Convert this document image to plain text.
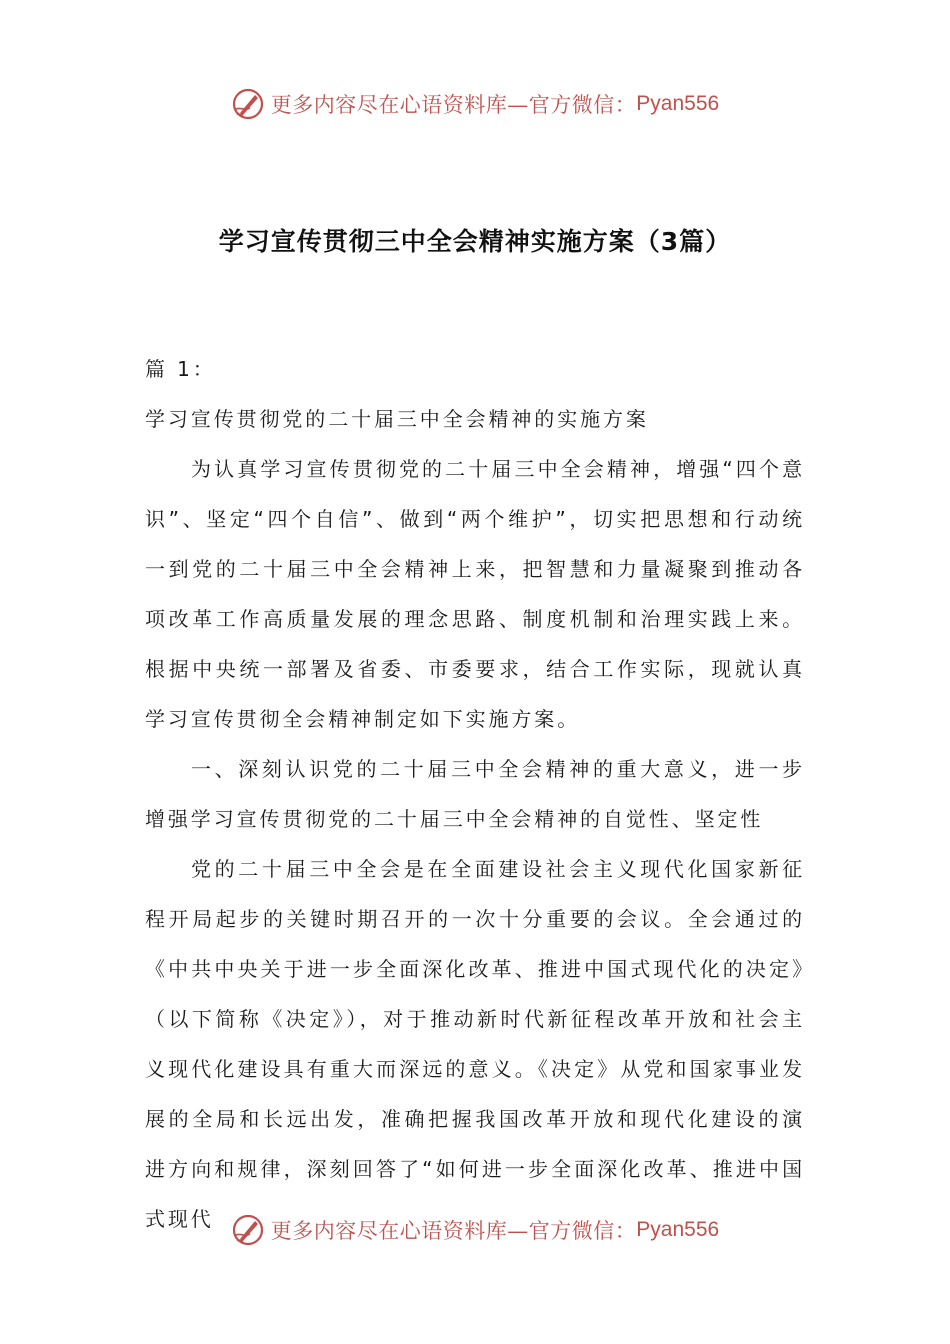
更多内容尽在心语资料库—官方微信： Pyan556
学习宣传贯彻三中全会精神实施方案（3篇）

篇 1：

学习宣传贯彻党的二十届三中全会精神的实施方案

为认真学习宣传贯彻党的二十届三中全会精神，增强“四个意识”、坚定“四个自信”、做到“两个维护”，切实把思想和行动统一到党的二十届三中全会精神上来，把智慧和力量凝聚到推动各项改革工作高质量发展的理念思路、制度机制和治理实践上来。根据中央统一部署及省委、市委要求，结合工作实际，现就认真学习宣传贯彻全会精神制定如下实施方案。

一、深刻认识党的二十届三中全会精神的重大意义，进一步增强学习宣传贯彻党的二十届三中全会精神的自觉性、坚定性

党的二十届三中全会是在全面建设社会主义现代化国家新征程开局起步的关键时期召开的一次十分重要的会议。全会通过的《中共中央关于进一步全面深化改革、推进中国式现代化的决定》（以下简称《决定》），对于推动新时代新征程改革开放和社会主义现代化建设具有重大而深远的意义。《决定》从党和国家事业发展的全局和长远出发，准确把握我国改革开放和现代化建设的演进方向和规律，深刻回答了“如何进一步全面深化改革、推进中国式现代	更多内容尽在心语资料库—官方微信： Pyan556
